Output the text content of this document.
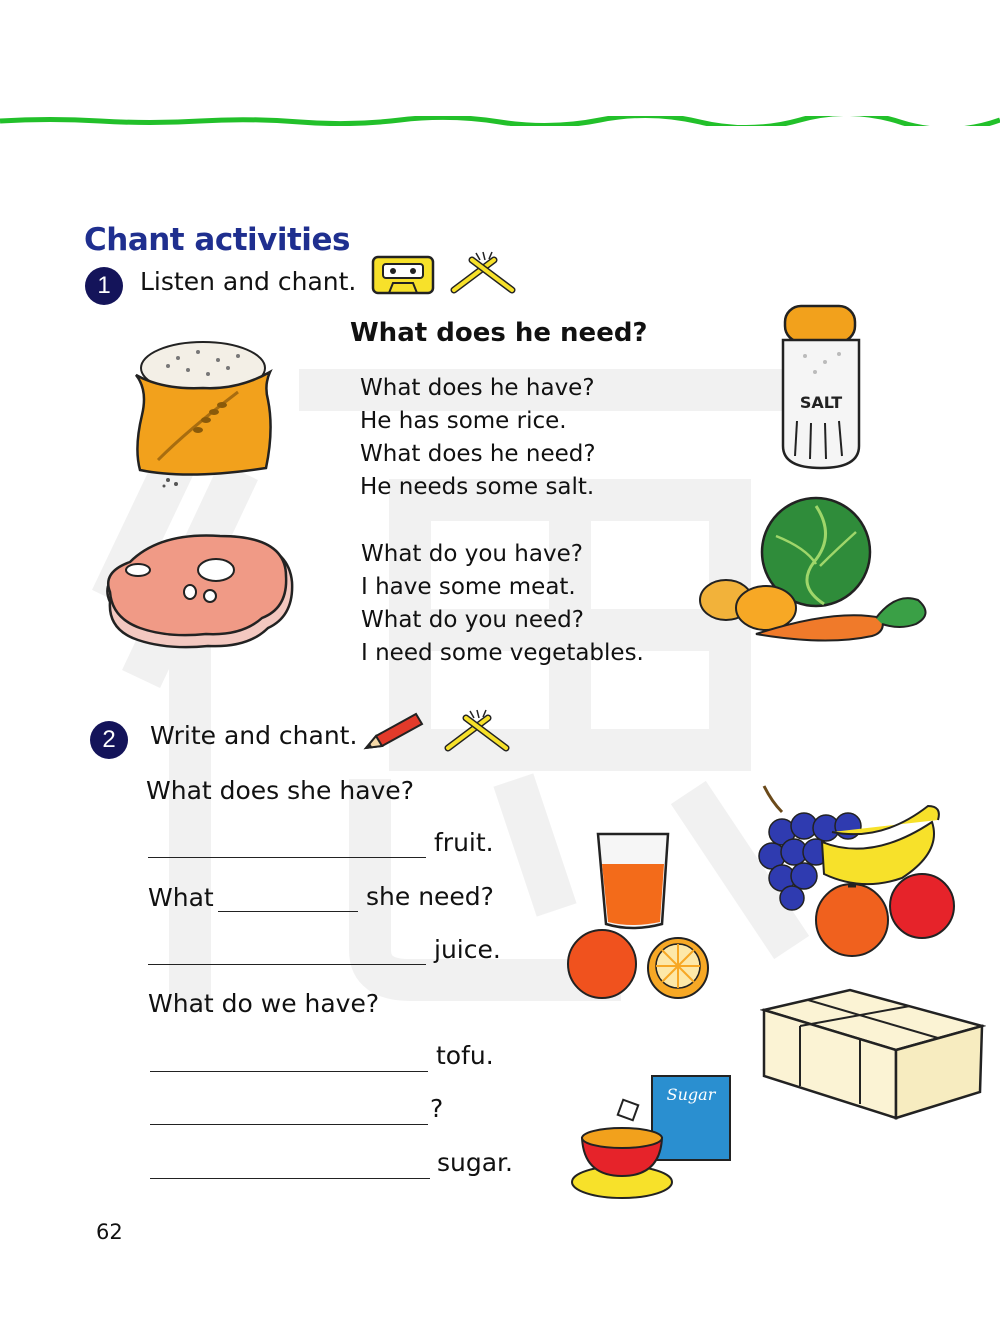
Chant activities
1	Listen and chant.
What does he need?
What does he have?
He has some rice.
What does he need?
He needs some salt.
What do you have?
I have some meat.
What do you need?
I need some vegetables.
SALT
2	Write and chant.
What does she have?
fruit.
What	she need?
juice.
What do we have?
tofu.
?
sugar.
Sugar
62
